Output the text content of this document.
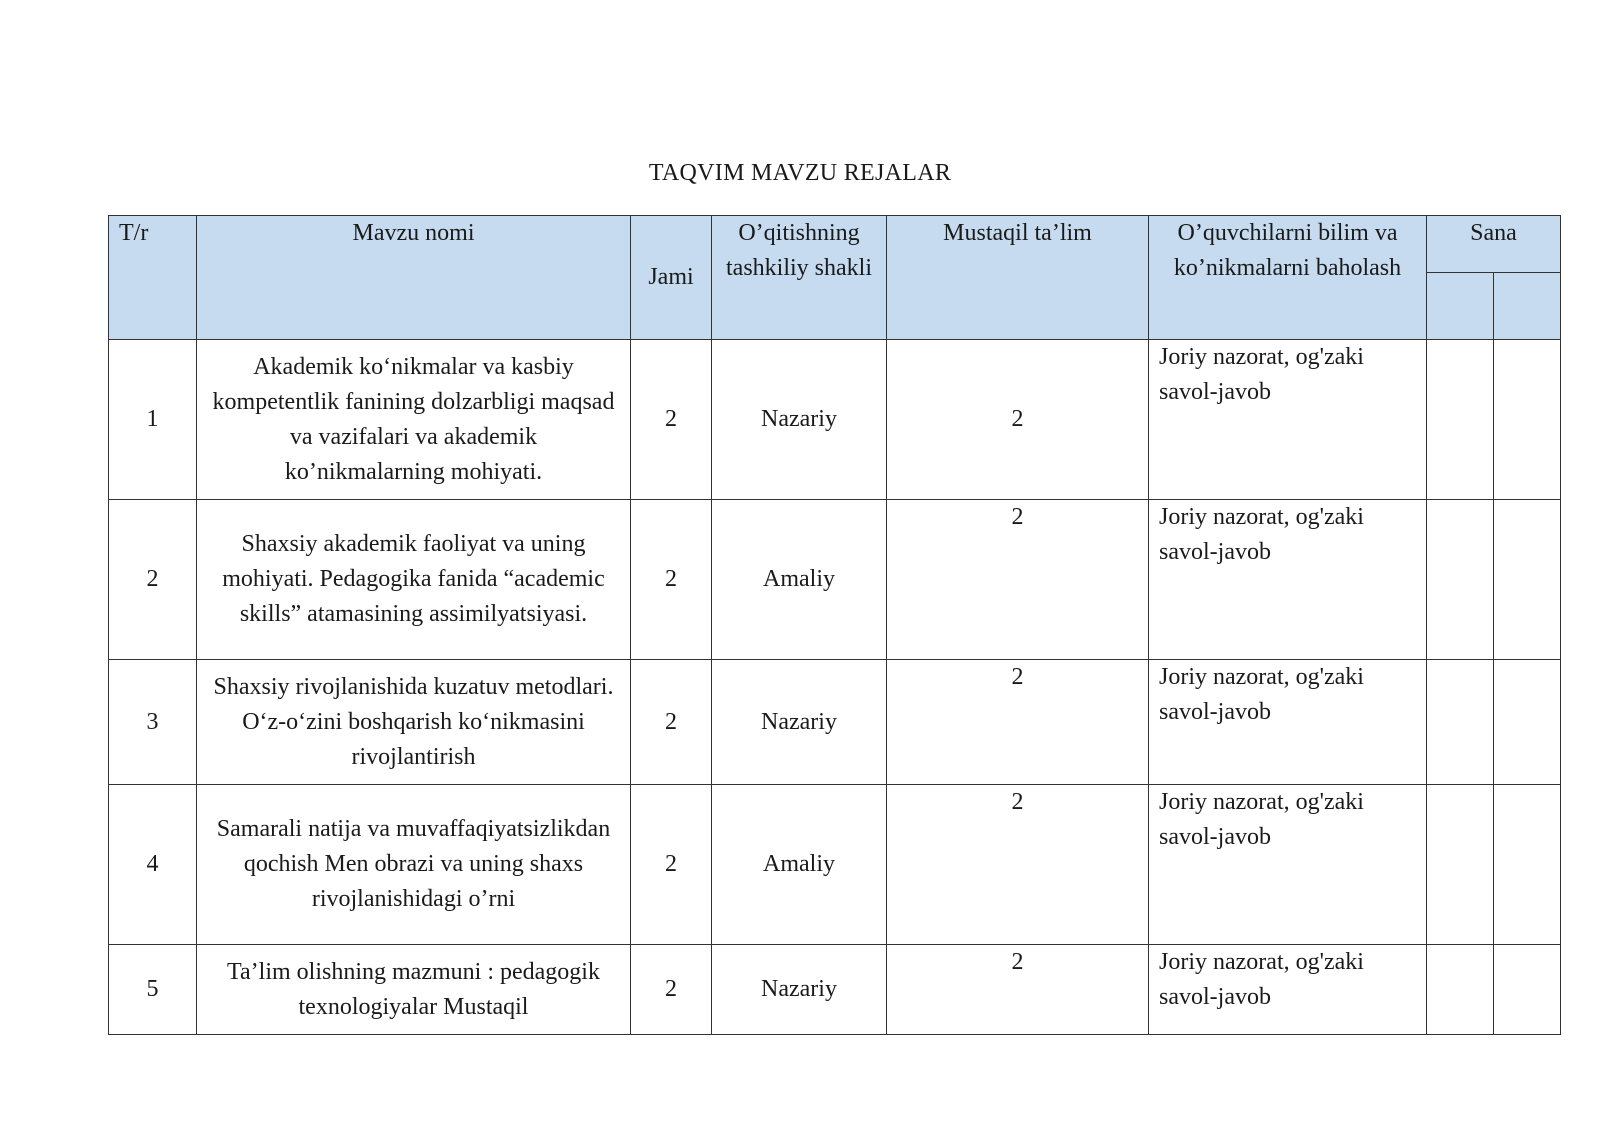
TAQVIM MAVZU REJALAR
T/r	Mavzu nomi	Jami	O’qitishning tashkiliy shakli	Mustaqil ta’lim	O’quvchilarni bilim va ko’nikmalarni baholash	Sana	

1	Akademik ko‘nikmalar va kasbiy kompetentlik fanining dolzarbligi maqsad va vazifalari va akademik ko’nikmalarning mohiyati.	2	Nazariy	2	Joriy nazorat, og'zaki savol-javob		
2	Shaxsiy akademik faoliyat va uning mohiyati. Pedagogika fanida “academic skills” atamasining assimilyatsiyasi.	2	Amaliy	2	Joriy nazorat, og'zaki savol-javob		
3	Shaxsiy rivojlanishida kuzatuv metodlari. O‘z-o‘zini boshqarish ko‘nikmasini rivojlantirish	2	Nazariy	2	Joriy nazorat, og'zaki savol-javob		
4	Samarali natija va muvaffaqiyatsizlikdan qochish Men obrazi va uning shaxs rivojlanishidagi o’rni	2	Amaliy	2	Joriy nazorat, og'zaki savol-javob		
5	Ta’lim olishning mazmuni : pedagogik texnologiyalar Mustaqil	2	Nazariy	2	Joriy nazorat, og'zaki savol-javob		
